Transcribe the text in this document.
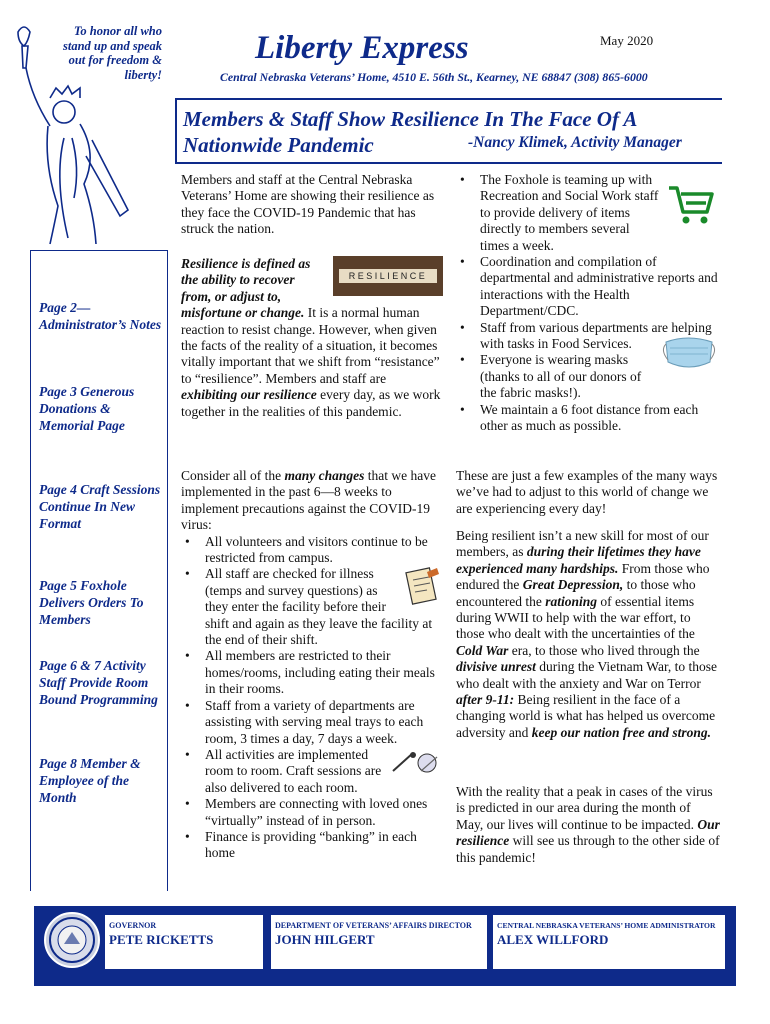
To honor all who stand up and speak out for freedom & liberty!
Liberty Express	May 2020
Central Nebraska Veterans’ Home, 4510 E. 56th St., Kearney, NE 68847 (308) 865-6000
Page 2— Administrator’s Notes
Page 3 Generous Donations & Memorial Page
Page 4 Craft Sessions Continue In New Format
Page 5 Foxhole Delivers Orders To Members
Page 6 & 7 Activity Staff Provide Room Bound Programming
Page 8 Member & Employee of the Month
Members & Staff Show Resilience In The Face Of A Nationwide Pandemic	-Nancy Klimek, Activity Manager
Members and staff at the Central Nebraska Veterans’ Home are showing their resilience as they face the COVID-19 Pandemic that has struck the nation.
RESILIENCE
Resilience is defined as the ability to recover from, or adjust to, misfortune or change. It is a normal human reaction to resist change. However, when given the facts of the reality of a situation, it becomes vitally important that we shift from “resistance” to “resilience”. Members and staff are exhibiting our resilience every day, as we work together in the realities of this pandemic.
Consider all of the many changes that we have implemented in the past 6—8 weeks to implement precautions against the COVID-19 virus:
• All volunteers and visitors continue to be restricted from campus.
• All staff are checked for illness (temps and survey questions) as they enter the facility before their shift and again as they leave the facility at the end of their shift.
• All members are restricted to their homes/rooms, including eating their meals in their rooms.
• Staff from a variety of departments are assisting with serving meal trays to each room, 3 times a day, 7 days a week.
• All activities are implemented room to room. Craft sessions are also delivered to each room.
• Members are connecting with loved ones “virtually” instead of in person.
• Finance is providing “banking” in each home
• The Foxhole is teaming up with Recreation and Social Work staff to provide delivery of items directly to members several times a week.
• Coordination and compilation of departmental and administrative reports and interactions with the Health Department/CDC.
• Staff from various departments are helping with tasks in Food Services.
• Everyone is wearing masks (thanks to all of our donors of the fabric masks!).
• We maintain a 6 foot distance from each other as much as possible.
These are just a few examples of the many ways we’ve had to adjust to this world of change we are experiencing every day!
Being resilient isn’t a new skill for most of our members, as during their lifetimes they have experienced many hardships. From those who endured the Great Depression, to those who encountered the rationing of essential items during WWII to help with the war effort, to those who dealt with the uncertainties of the Cold War era, to those who lived through the divisive unrest during the Vietnam War, to those who dealt with the anxiety and War on Terror after 9-11: Being resilient in the face of a changing world is what has helped us overcome adversity and keep our nation free and strong.
With the reality that a peak in cases of the virus is predicted in our area during the month of May, our lives will continue to be impacted. Our resilience will see us through to the other side of this pandemic!
GOVERNOR
PETE RICKETTS
DEPARTMENT OF VETERANS’ AFFAIRS DIRECTOR
JOHN HILGERT
CENTRAL NEBRASKA VETERANS’ HOME ADMINISTRATOR
ALEX WILLFORD
